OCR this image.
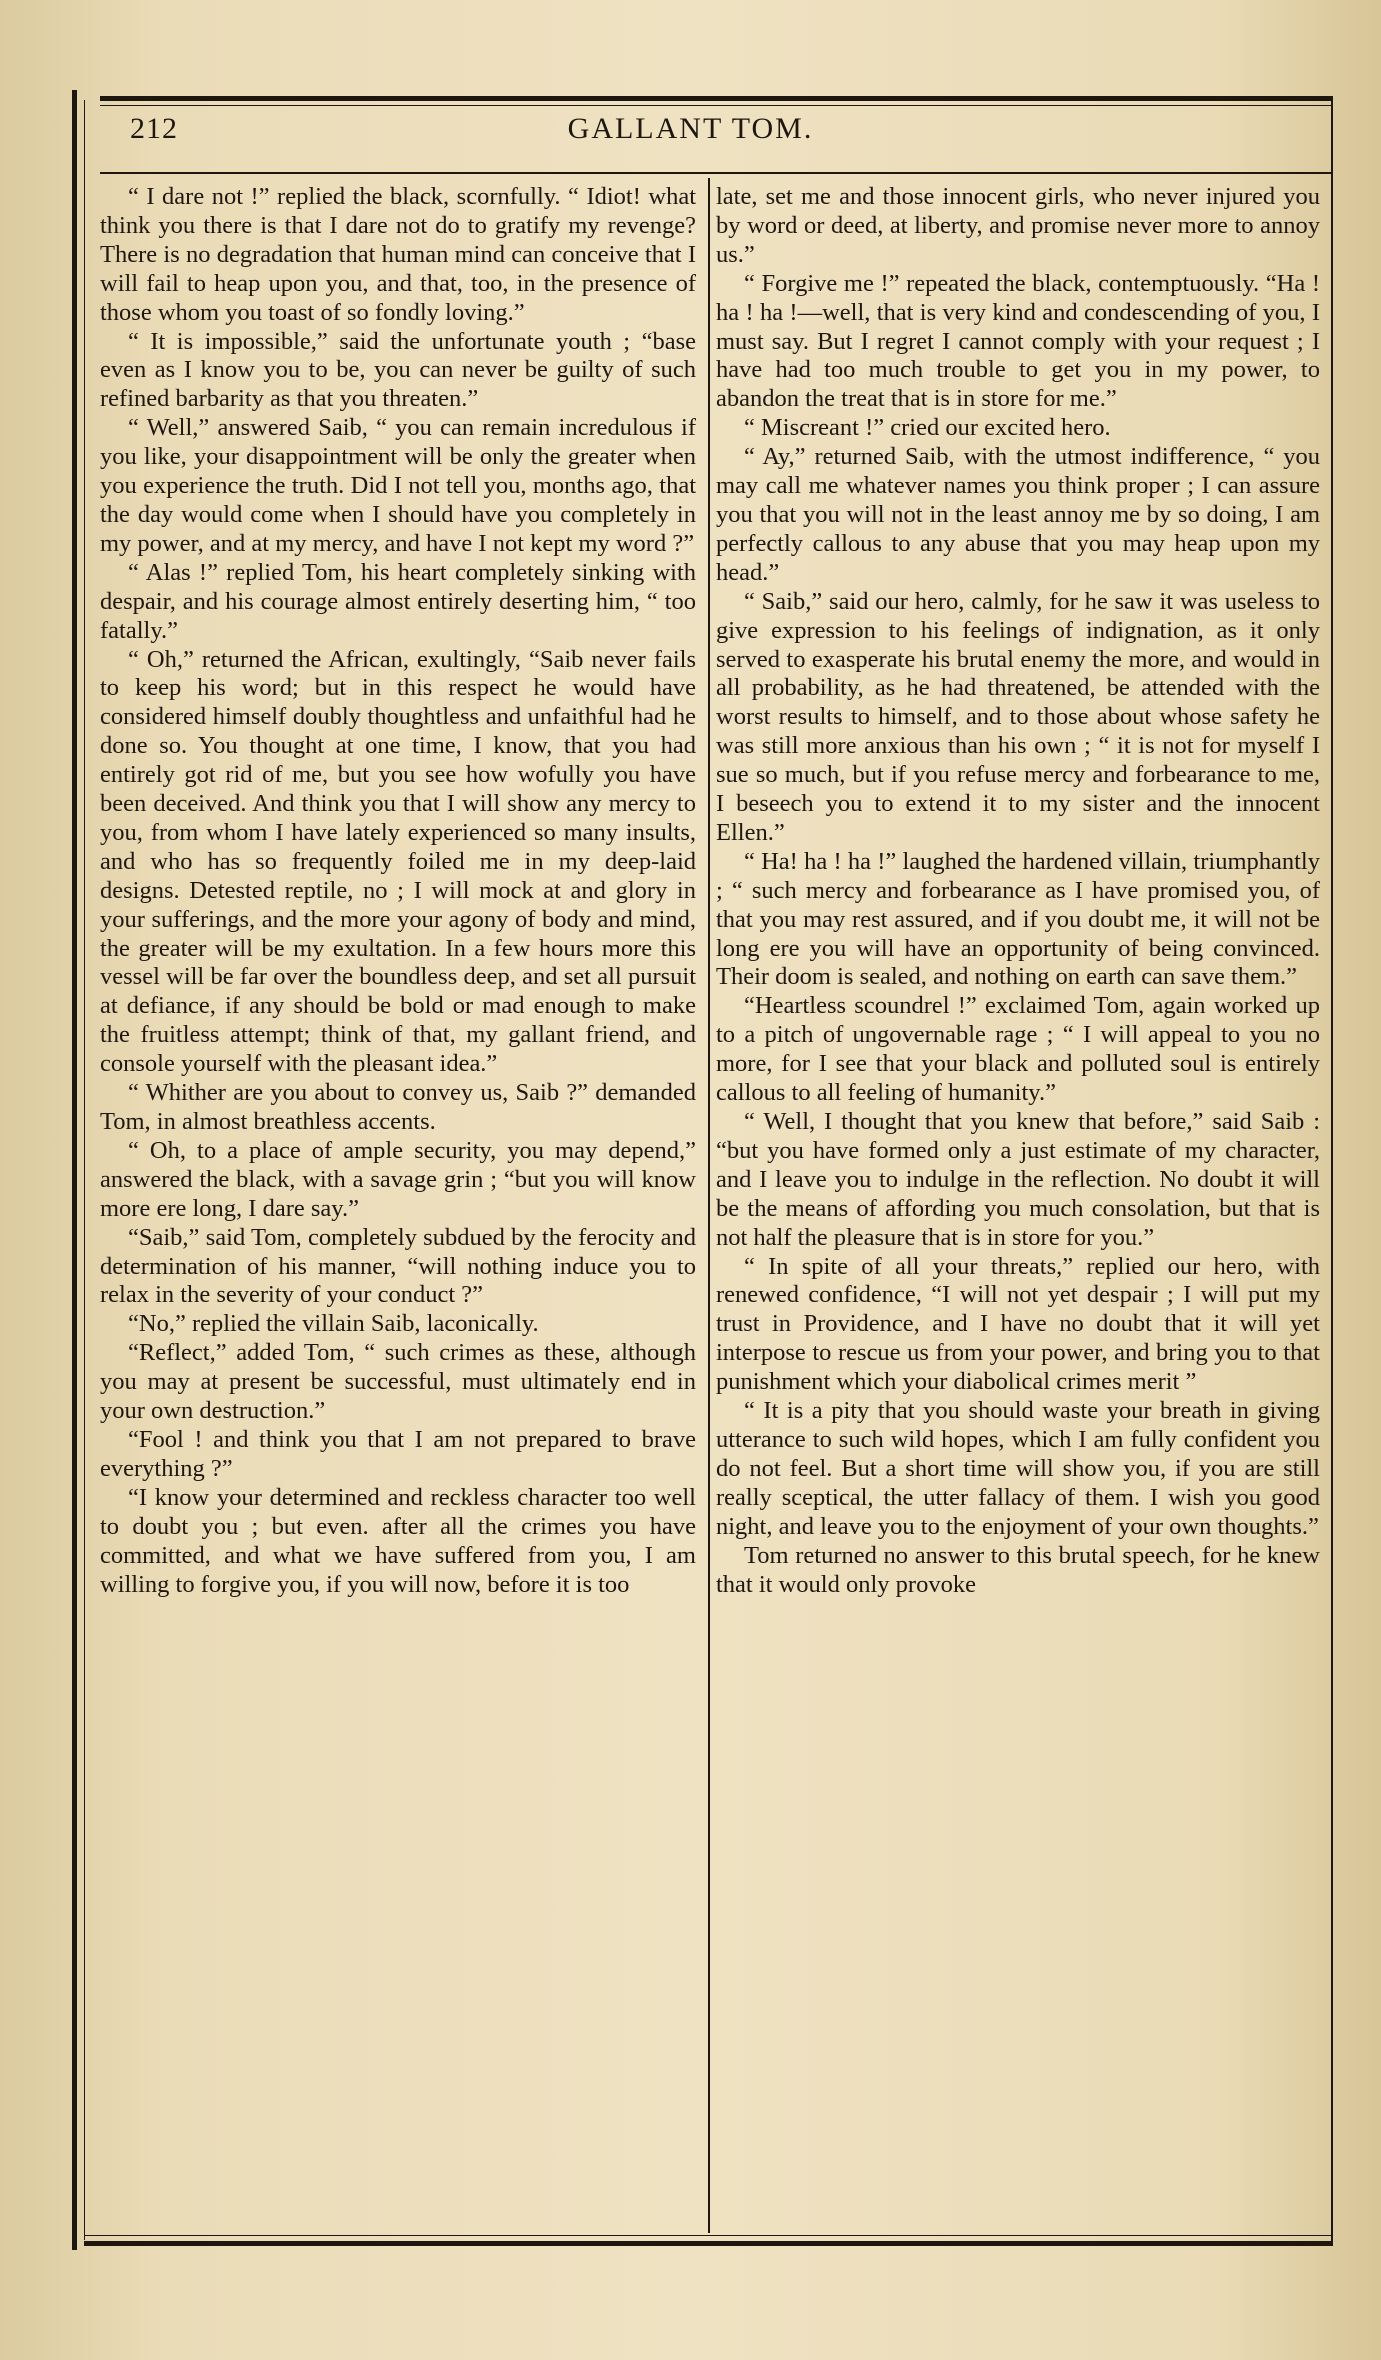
212	GALLANT TOM.

“ I dare not !” replied the black, scornfully. “ Idiot! what think you there is that I dare not do to gratify my revenge? There is no degradation that human mind can conceive that I will fail to heap upon you, and that, too, in the presence of those whom you toast of so fondly loving.”

“ It is impossible,” said the unfortunate youth ; “base even as I know you to be, you can never be guilty of such refined barbarity as that you threaten.”

“ Well,” answered Saib, “ you can remain incredulous if you like, your disappointment will be only the greater when you experience the truth. Did I not tell you, months ago, that the day would come when I should have you completely in my power, and at my mercy, and have I not kept my word ?”

“ Alas !” replied Tom, his heart completely sinking with despair, and his courage almost entirely deserting him, “ too fatally.”

“ Oh,” returned the African, exultingly, “Saib never fails to keep his word; but in this respect he would have considered himself doubly thoughtless and unfaithful had he done so. You thought at one time, I know, that you had entirely got rid of me, but you see how wofully you have been deceived. And think you that I will show any mercy to you, from whom I have lately experienced so many insults, and who has so frequently foiled me in my deep-laid designs. Detested reptile, no ; I will mock at and glory in your sufferings, and the more your agony of body and mind, the greater will be my exultation. In a few hours more this vessel will be far over the boundless deep, and set all pursuit at defiance, if any should be bold or mad enough to make the fruitless attempt; think of that, my gallant friend, and console yourself with the pleasant idea.”

“ Whither are you about to convey us, Saib ?” demanded Tom, in almost breathless accents.

“ Oh, to a place of ample security, you may depend,” answered the black, with a savage grin ; “but you will know more ere long, I dare say.”

“Saib,” said Tom, completely subdued by the ferocity and determination of his manner, “will nothing induce you to relax in the severity of your conduct ?”

“No,” replied the villain Saib, laconically.

“Reflect,” added Tom, “ such crimes as these, although you may at present be successful, must ultimately end in your own destruction.”

“Fool ! and think you that I am not prepared to brave everything ?”

“I know your determined and reckless character too well to doubt you ; but even. after all the crimes you have committed, and what we have suffered from you, I am willing to forgive you, if you will now, before it is too

late, set me and those innocent girls, who never injured you by word or deed, at liberty, and promise never more to annoy us.”

“ Forgive me !” repeated the black, contemptuously. “Ha ! ha ! ha !—well, that is very kind and condescending of you, I must say. But I regret I cannot comply with your request ; I have had too much trouble to get you in my power, to abandon the treat that is in store for me.”

“ Miscreant !” cried our excited hero.

“ Ay,” returned Saib, with the utmost indifference, “ you may call me whatever names you think proper ; I can assure you that you will not in the least annoy me by so doing, I am perfectly callous to any abuse that you may heap upon my head.”

“ Saib,” said our hero, calmly, for he saw it was useless to give expression to his feelings of indignation, as it only served to exasperate his brutal enemy the more, and would in all probability, as he had threatened, be attended with the worst results to himself, and to those about whose safety he was still more anxious than his own ; “ it is not for myself I sue so much, but if you refuse mercy and forbearance to me, I beseech you to extend it to my sister and the innocent Ellen.”

“ Ha! ha ! ha !” laughed the hardened villain, triumphantly ; “ such mercy and forbearance as I have promised you, of that you may rest assured, and if you doubt me, it will not be long ere you will have an opportunity of being convinced. Their doom is sealed, and nothing on earth can save them.”

“Heartless scoundrel !” exclaimed Tom, again worked up to a pitch of ungovernable rage ; “ I will appeal to you no more, for I see that your black and polluted soul is entirely callous to all feeling of humanity.”

“ Well, I thought that you knew that before,” said Saib : “but you have formed only a just estimate of my character, and I leave you to indulge in the reflection. No doubt it will be the means of affording you much consolation, but that is not half the pleasure that is in store for you.”

“ In spite of all your threats,” replied our hero, with renewed confidence, “I will not yet despair ; I will put my trust in Providence, and I have no doubt that it will yet interpose to rescue us from your power, and bring you to that punishment which your diabolical crimes merit ”

“ It is a pity that you should waste your breath in giving utterance to such wild hopes, which I am fully confident you do not feel. But a short time will show you, if you are still really sceptical, the utter fallacy of them. I wish you good night, and leave you to the enjoyment of your own thoughts.”

Tom returned no answer to this brutal speech, for he knew that it would only provoke
